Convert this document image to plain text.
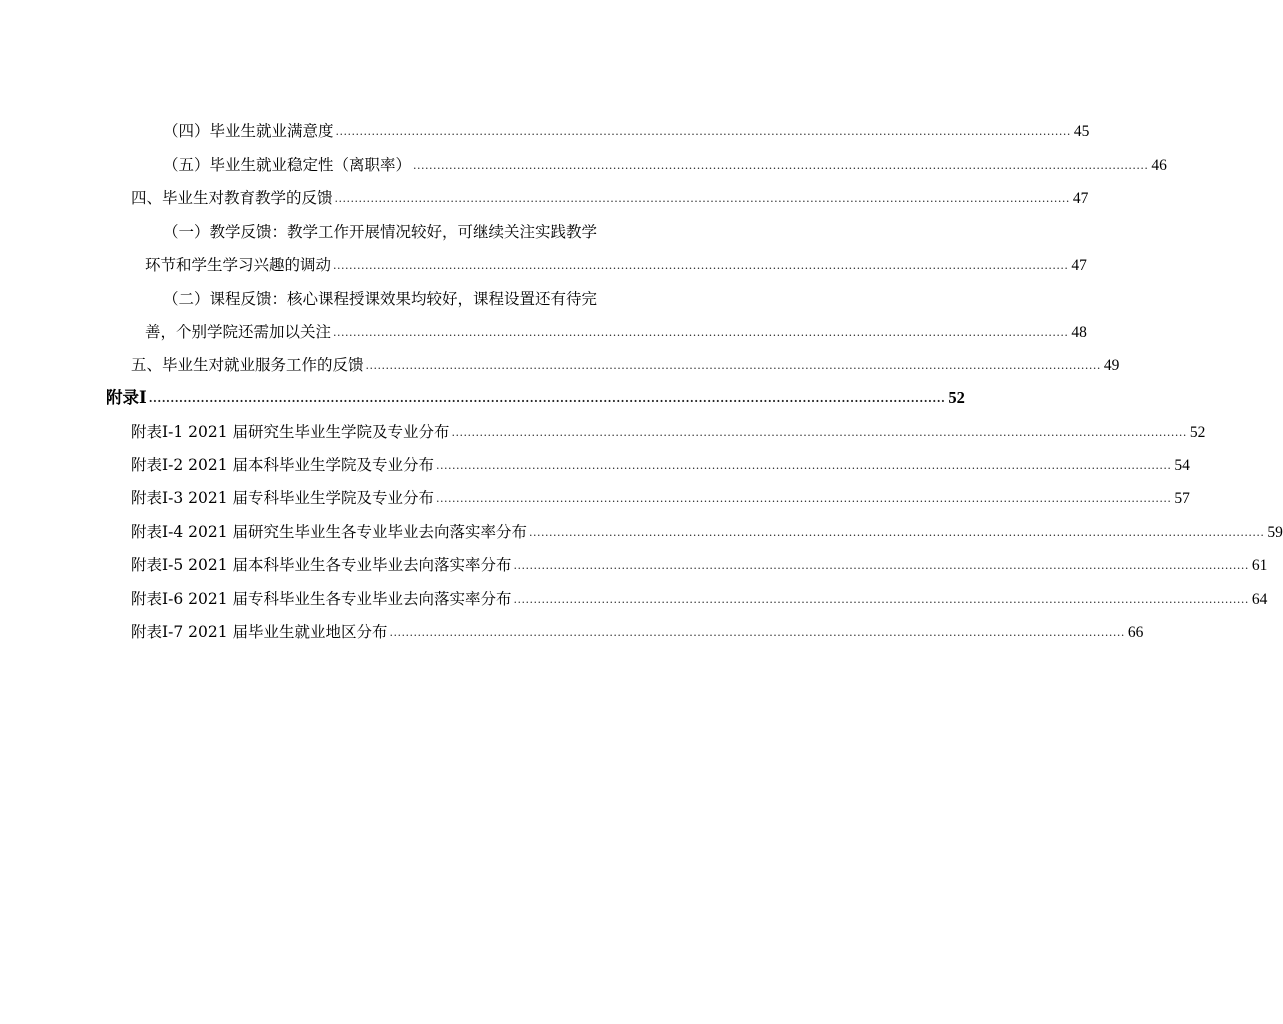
（四）毕业生就业满意度 ........................................................................................................................................................................................ 45
（五）毕业生就业稳定性（离职率） ........................................................................................................................................................................................ 46
四、毕业生对教育教学的反馈 ........................................................................................................................................................................................ 47
（一）教学反馈：教学工作开展情况较好，可继续关注实践教学
环节和学生学习兴趣的调动 ........................................................................................................................................................................................ 47
（二）课程反馈：核心课程授课效果均较好，课程设置还有待完
善，个别学院还需加以关注 ........................................................................................................................................................................................ 48
五、毕业生对就业服务工作的反馈 ........................................................................................................................................................................................ 49
附录Ⅰ ........................................................................................................................................................................................ 52
附表Ⅰ-1 2021 届研究生毕业生学院及专业分布 ........................................................................................................................................................................................ 52
附表Ⅰ-2 2021 届本科毕业生学院及专业分布 ........................................................................................................................................................................................ 54
附表Ⅰ-3 2021 届专科毕业生学院及专业分布 ........................................................................................................................................................................................ 57
附表Ⅰ-4 2021 届研究生毕业生各专业毕业去向落实率分布 ........................................................................................................................................................................................ 59
附表Ⅰ-5 2021 届本科毕业生各专业毕业去向落实率分布 ........................................................................................................................................................................................ 61
附表Ⅰ-6 2021 届专科毕业生各专业毕业去向落实率分布 ........................................................................................................................................................................................ 64
附表Ⅰ-7 2021 届毕业生就业地区分布 ........................................................................................................................................................................................ 66
